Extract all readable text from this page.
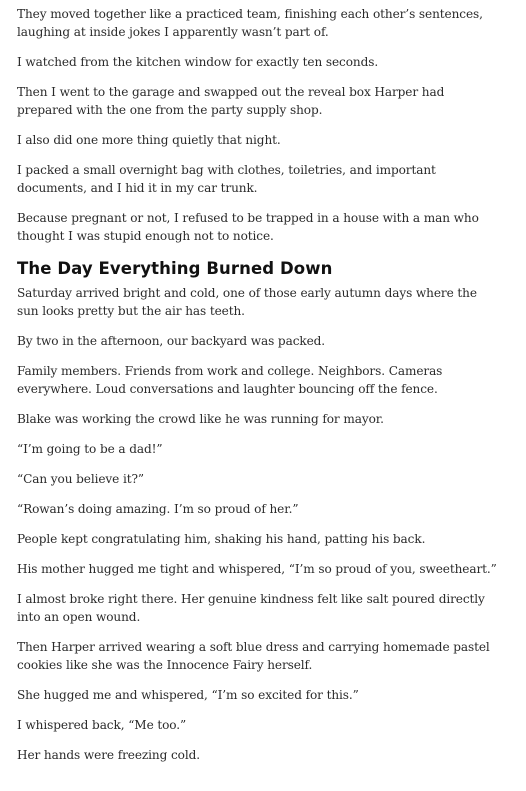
They moved together like a practiced team, finishing each other’s sentences, laughing at inside jokes I apparently wasn’t part of.

I watched from the kitchen window for exactly ten seconds.

Then I went to the garage and swapped out the reveal box Harper had prepared with the one from the party supply shop.

I also did one more thing quietly that night.

I packed a small overnight bag with clothes, toiletries, and important documents, and I hid it in my car trunk.

Because pregnant or not, I refused to be trapped in a house with a man who thought I was stupid enough not to notice.

The Day Everything Burned Down

Saturday arrived bright and cold, one of those early autumn days where the sun looks pretty but the air has teeth.

By two in the afternoon, our backyard was packed.

Family members. Friends from work and college. Neighbors. Cameras everywhere. Loud conversations and laughter bouncing off the fence.

Blake was working the crowd like he was running for mayor.

“I’m going to be a dad!”

“Can you believe it?”

“Rowan’s doing amazing. I’m so proud of her.”

People kept congratulating him, shaking his hand, patting his back.

His mother hugged me tight and whispered, “I’m so proud of you, sweetheart.”

I almost broke right there. Her genuine kindness felt like salt poured directly into an open wound.

Then Harper arrived wearing a soft blue dress and carrying homemade pastel cookies like she was the Innocence Fairy herself.

She hugged me and whispered, “I’m so excited for this.”

I whispered back, “Me too.”

Her hands were freezing cold.
